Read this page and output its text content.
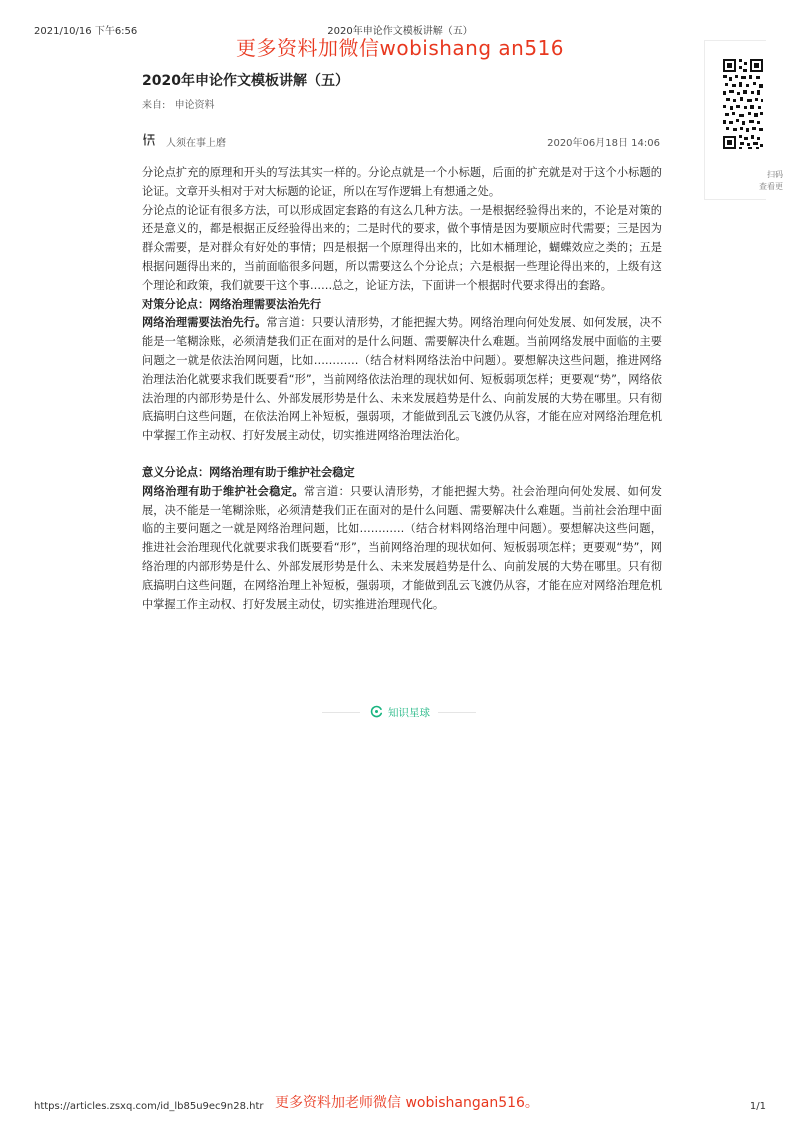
2021/10/16 下午6:56	2020年申论作文模板讲解（五）
更多资料加微信wobishang an516
扫码
查看更
2020年申论作文模板讲解（五）
来自: 申论资料
人须在事上磨	2020年06月18日 14:06

分论点扩充的原理和开头的写法其实一样的。分论点就是一个小标题，后面的扩充就是对于这个小标题的论证。文章开头相对于对大标题的论证，所以在写作逻辑上有想通之处。

分论点的论证有很多方法，可以形成固定套路的有这么几种方法。一是根据经验得出来的，不论是对策的还是意义的，都是根据正反经验得出来的；二是时代的要求，做个事情是因为要顺应时代需要；三是因为群众需要，是对群众有好处的事情；四是根据一个原理得出来的，比如木桶理论，蝴蝶效应之类的；五是根据问题得出来的，当前面临很多问题，所以需要这么个分论点；六是根据一些理论得出来的，上级有这个理论和政策，我们就要干这个事……总之，论证方法，下面讲一个根据时代要求得出的套路。

对策分论点：网络治理需要法治先行

网络治理需要法治先行。常言道：只要认清形势，才能把握大势。网络治理向何处发展、如何发展，决不能是一笔糊涂账，必须清楚我们正在面对的是什么问题、需要解决什么难题。当前网络发展中面临的主要问题之一就是依法治网问题，比如…………（结合材料网络法治中问题）。要想解决这些问题，推进网络治理法治化就要求我们既要看“形”，当前网络依法治理的现状如何、短板弱项怎样；更要观“势”，网络依法治理的内部形势是什么、外部发展形势是什么、未来发展趋势是什么、向前发展的大势在哪里。只有彻底搞明白这些问题，在依法治网上补短板，强弱项，才能做到乱云飞渡仍从容，才能在应对网络治理危机中掌握工作主动权、打好发展主动仗，切实推进网络治理法治化。

意义分论点：网络治理有助于维护社会稳定

网络治理有助于维护社会稳定。常言道：只要认清形势，才能把握大势。社会治理向何处发展、如何发展，决不能是一笔糊涂账，必须清楚我们正在面对的是什么问题、需要解决什么难题。当前社会治理中面临的主要问题之一就是网络治理问题，比如…………（结合材料网络治理中问题）。要想解决这些问题，推进社会治理现代化就要求我们既要看“形”，当前网络治理的现状如何、短板弱项怎样；更要观“势”，网络治理的内部形势是什么、外部发展形势是什么、未来发展趋势是什么、向前发展的大势在哪里。只有彻底搞明白这些问题，在网络治理上补短板，强弱项，才能做到乱云飞渡仍从容，才能在应对网络治理危机中掌握工作主动权、打好发展主动仗，切实推进治理现代化。

知识星球
https://articles.zsxq.com/id_lb85u9ec9n28.htr 更多资料加老师微信 wobishangan516。	1/1
